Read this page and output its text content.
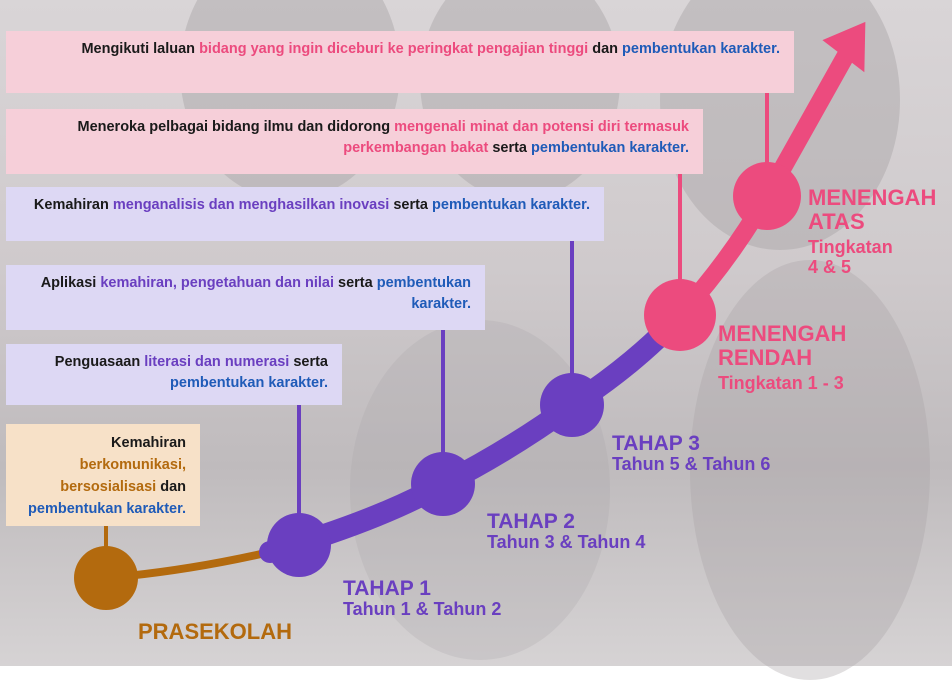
Mengikuti laluan bidang yang ingin diceburi ke peringkat pengajian tinggi dan pembentukan karakter.
Meneroka pelbagai bidang ilmu dan didorong mengenali minat dan potensi diri termasuk perkembangan bakat serta pembentukan karakter.
Kemahiran menganalisis dan menghasilkan inovasi serta pembentukan karakter.
Aplikasi kemahiran, pengetahuan dan nilai serta pembentukan karakter.
Penguasaan literasi dan numerasi serta pembentukan karakter.
Kemahiran berkomunikasi, bersosialisasi dan pembentukan karakter.
PRASEKOLAH
TAHAP 1
Tahun 1 & Tahun 2
TAHAP 2
Tahun 3 & Tahun 4
TAHAP 3
Tahun 5 & Tahun 6
MENENGAH
RENDAH
Tingkatan 1 - 3
MENENGAH
ATAS
Tingkatan
4 & 5
